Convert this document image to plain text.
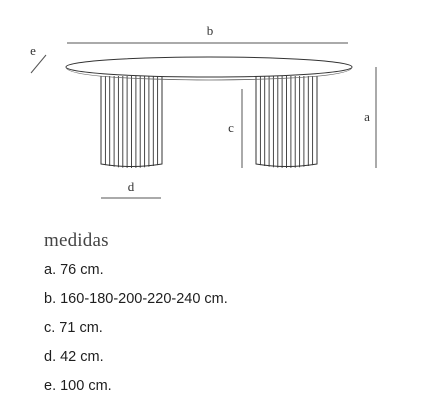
b
e
c
a
d
medidas
a. 76 cm.
b. 160-180-200-220-240 cm.
c. 71 cm.
d. 42 cm.
e. 100 cm.
